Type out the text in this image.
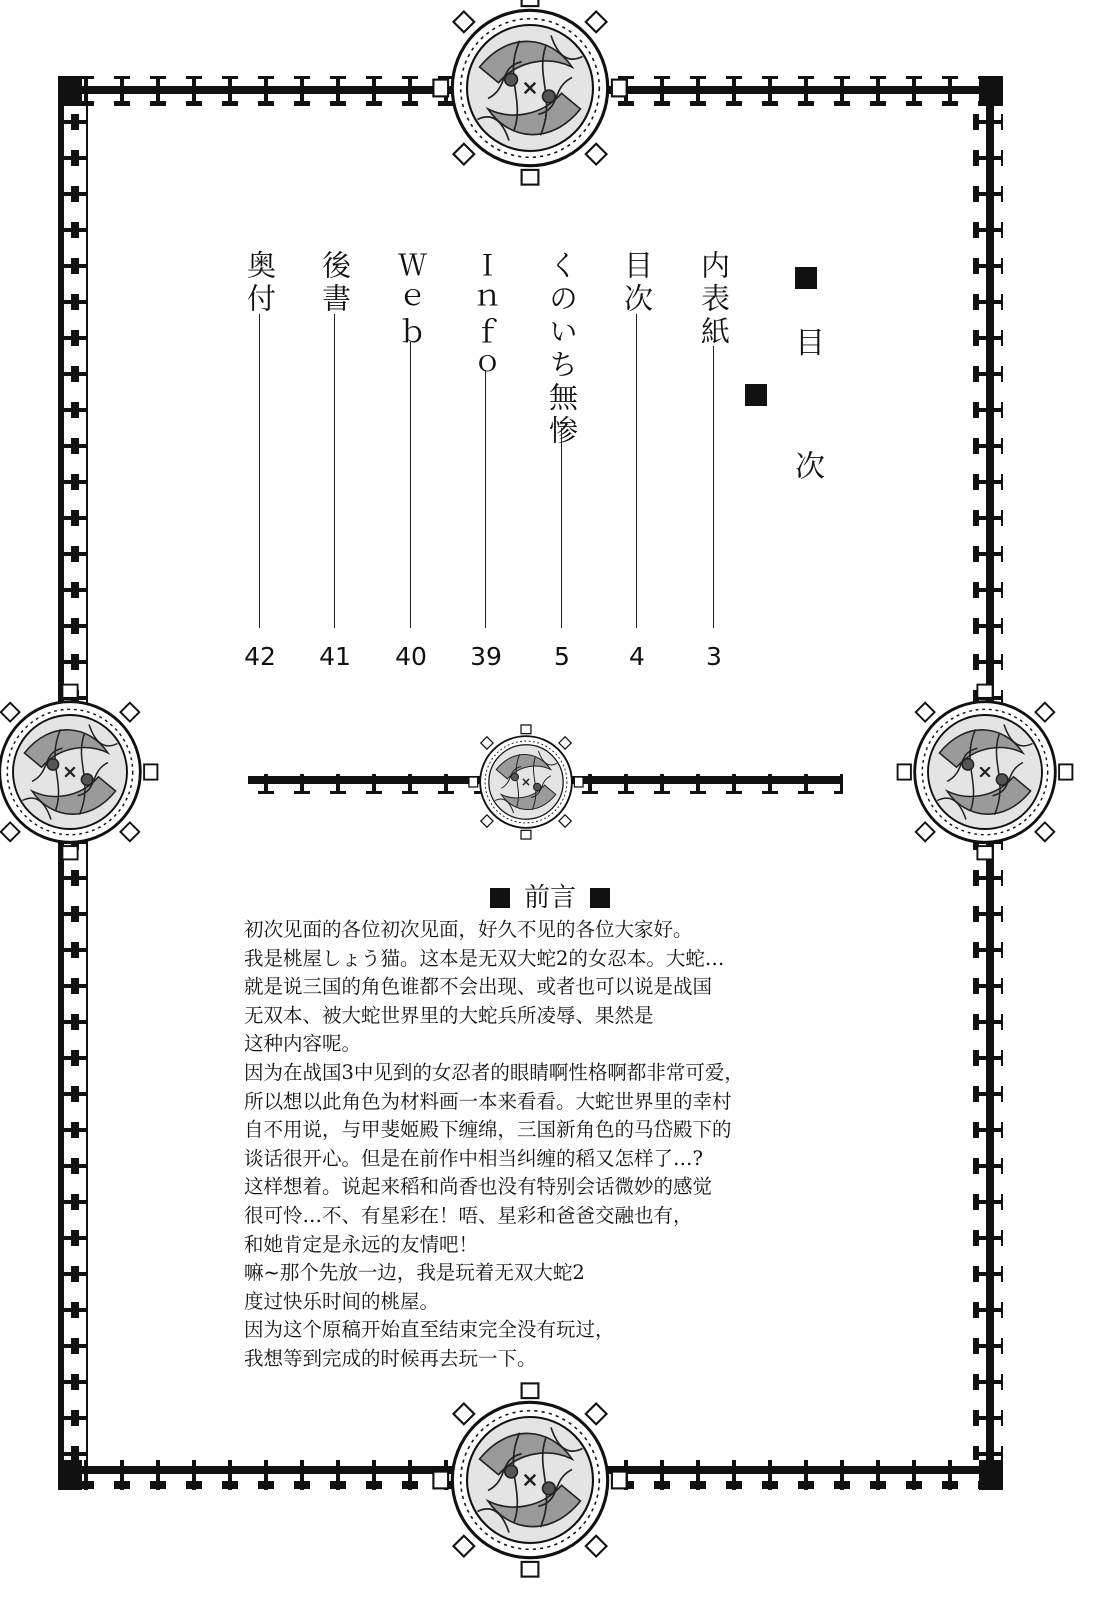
目 次
内表紙
3
目次
4
くのいち無惨
5
Ｉｎｆｏ
39
Ｗｅｂ
40
後書
41
奥付
42
前言
初次见面的各位初次见面，好久不见的各位大家好。
我是桃屋しょう猫。这本是无双大蛇2的女忍本。大蛇…
就是说三国的角色谁都不会出现、或者也可以说是战国
无双本、被大蛇世界里的大蛇兵所凌辱、果然是
这种内容呢。
因为在战国3中见到的女忍者的眼睛啊性格啊都非常可爱，
所以想以此角色为材料画一本来看看。大蛇世界里的幸村
自不用说，与甲斐姬殿下缠绵，三国新角色的马岱殿下的
谈话很开心。但是在前作中相当纠缠的稻又怎样了…?
这样想着。说起来稻和尚香也没有特别会话微妙的感觉
很可怜…不、有星彩在！唔、星彩和爸爸交融也有，
和她肯定是永远的友情吧！
嘛~那个先放一边，我是玩着无双大蛇2
度过快乐时间的桃屋。
因为这个原稿开始直至结束完全没有玩过，
我想等到完成的时候再去玩一下。
